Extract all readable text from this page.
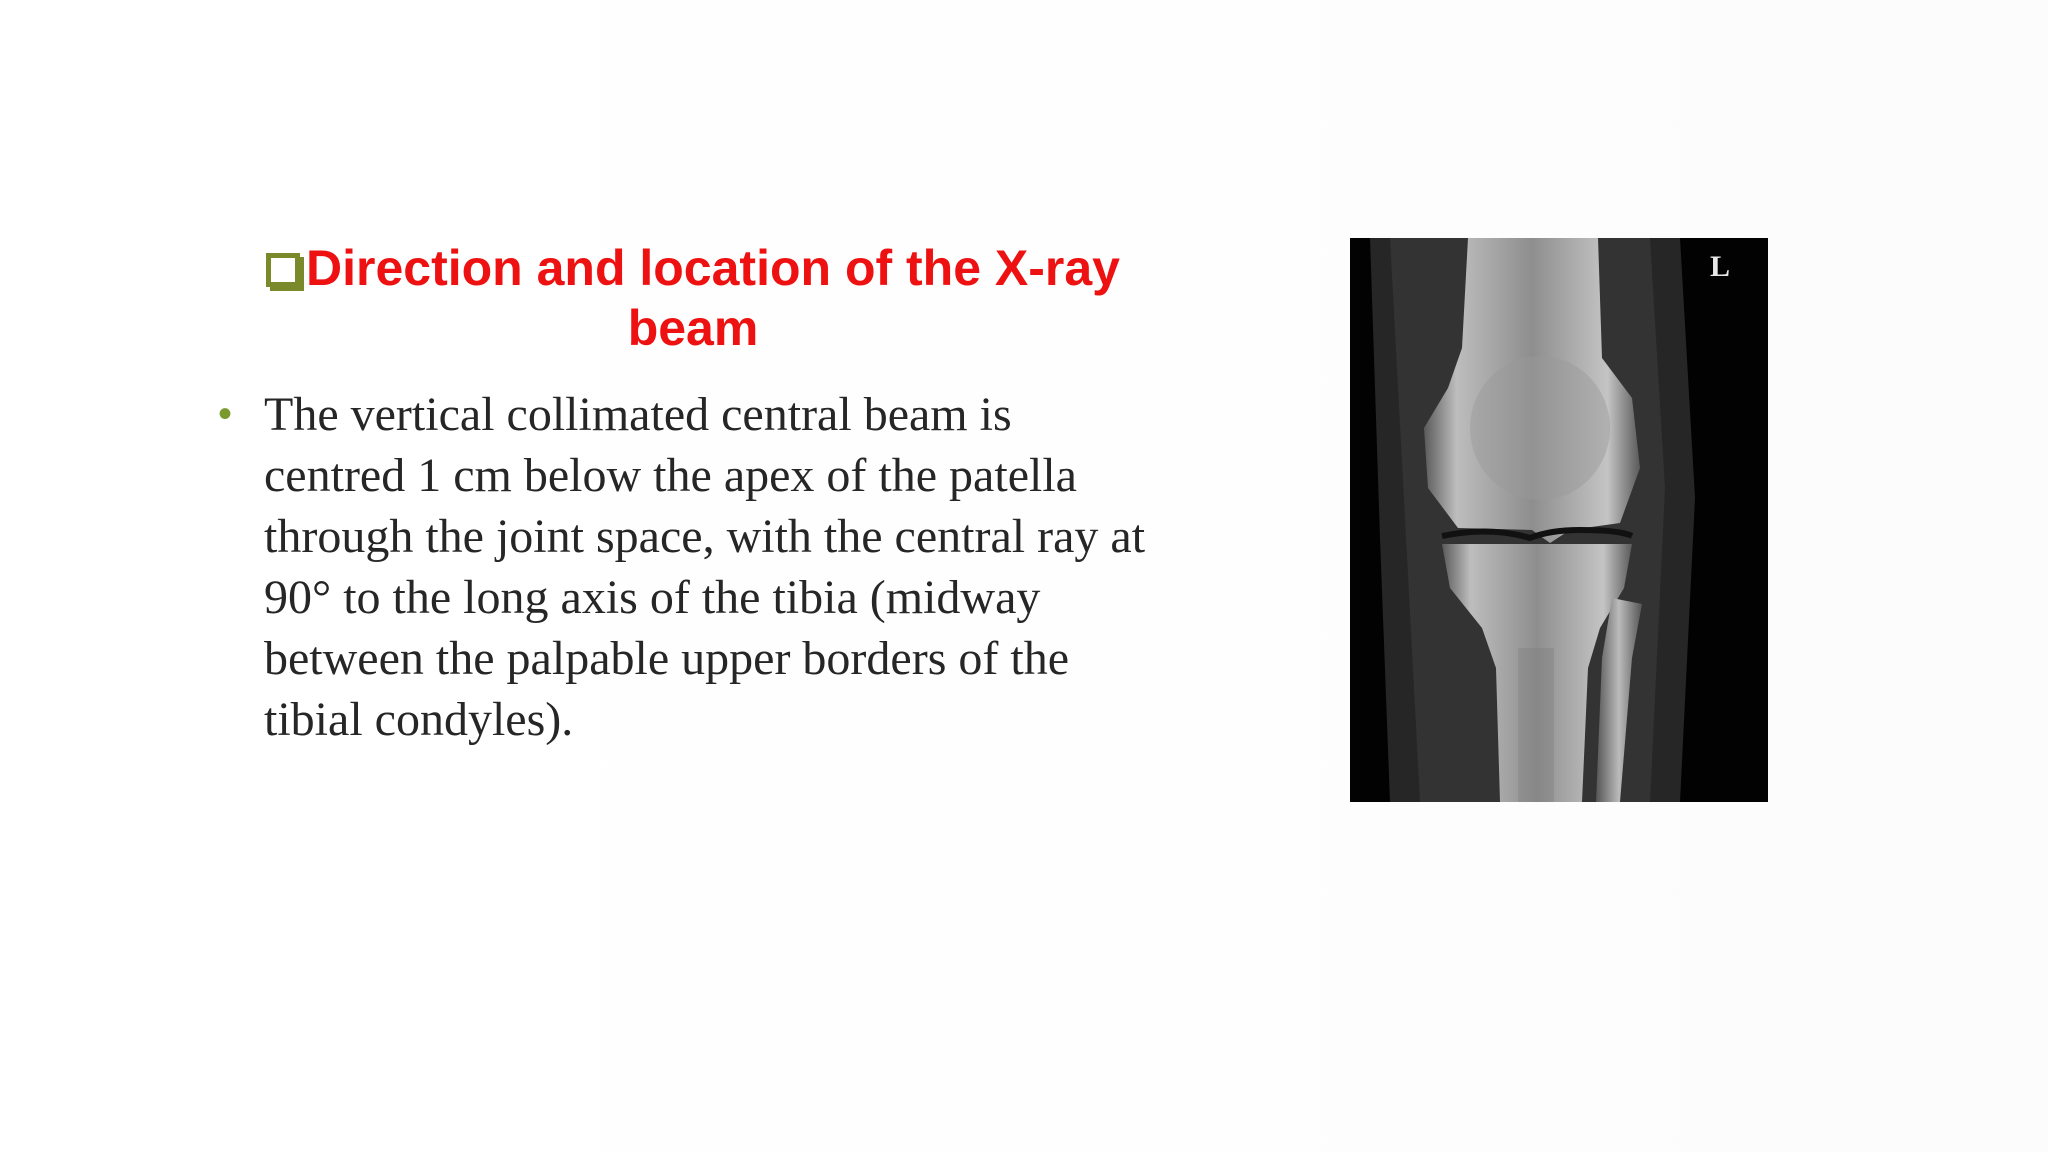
Direction and location of the X-ray beam
• The vertical collimated central beam is centred 1 cm below the apex of the patella through the joint space, with the central ray at 90° to the long axis of the tibia (midway between the palpable upper borders of the tibial condyles).
L
